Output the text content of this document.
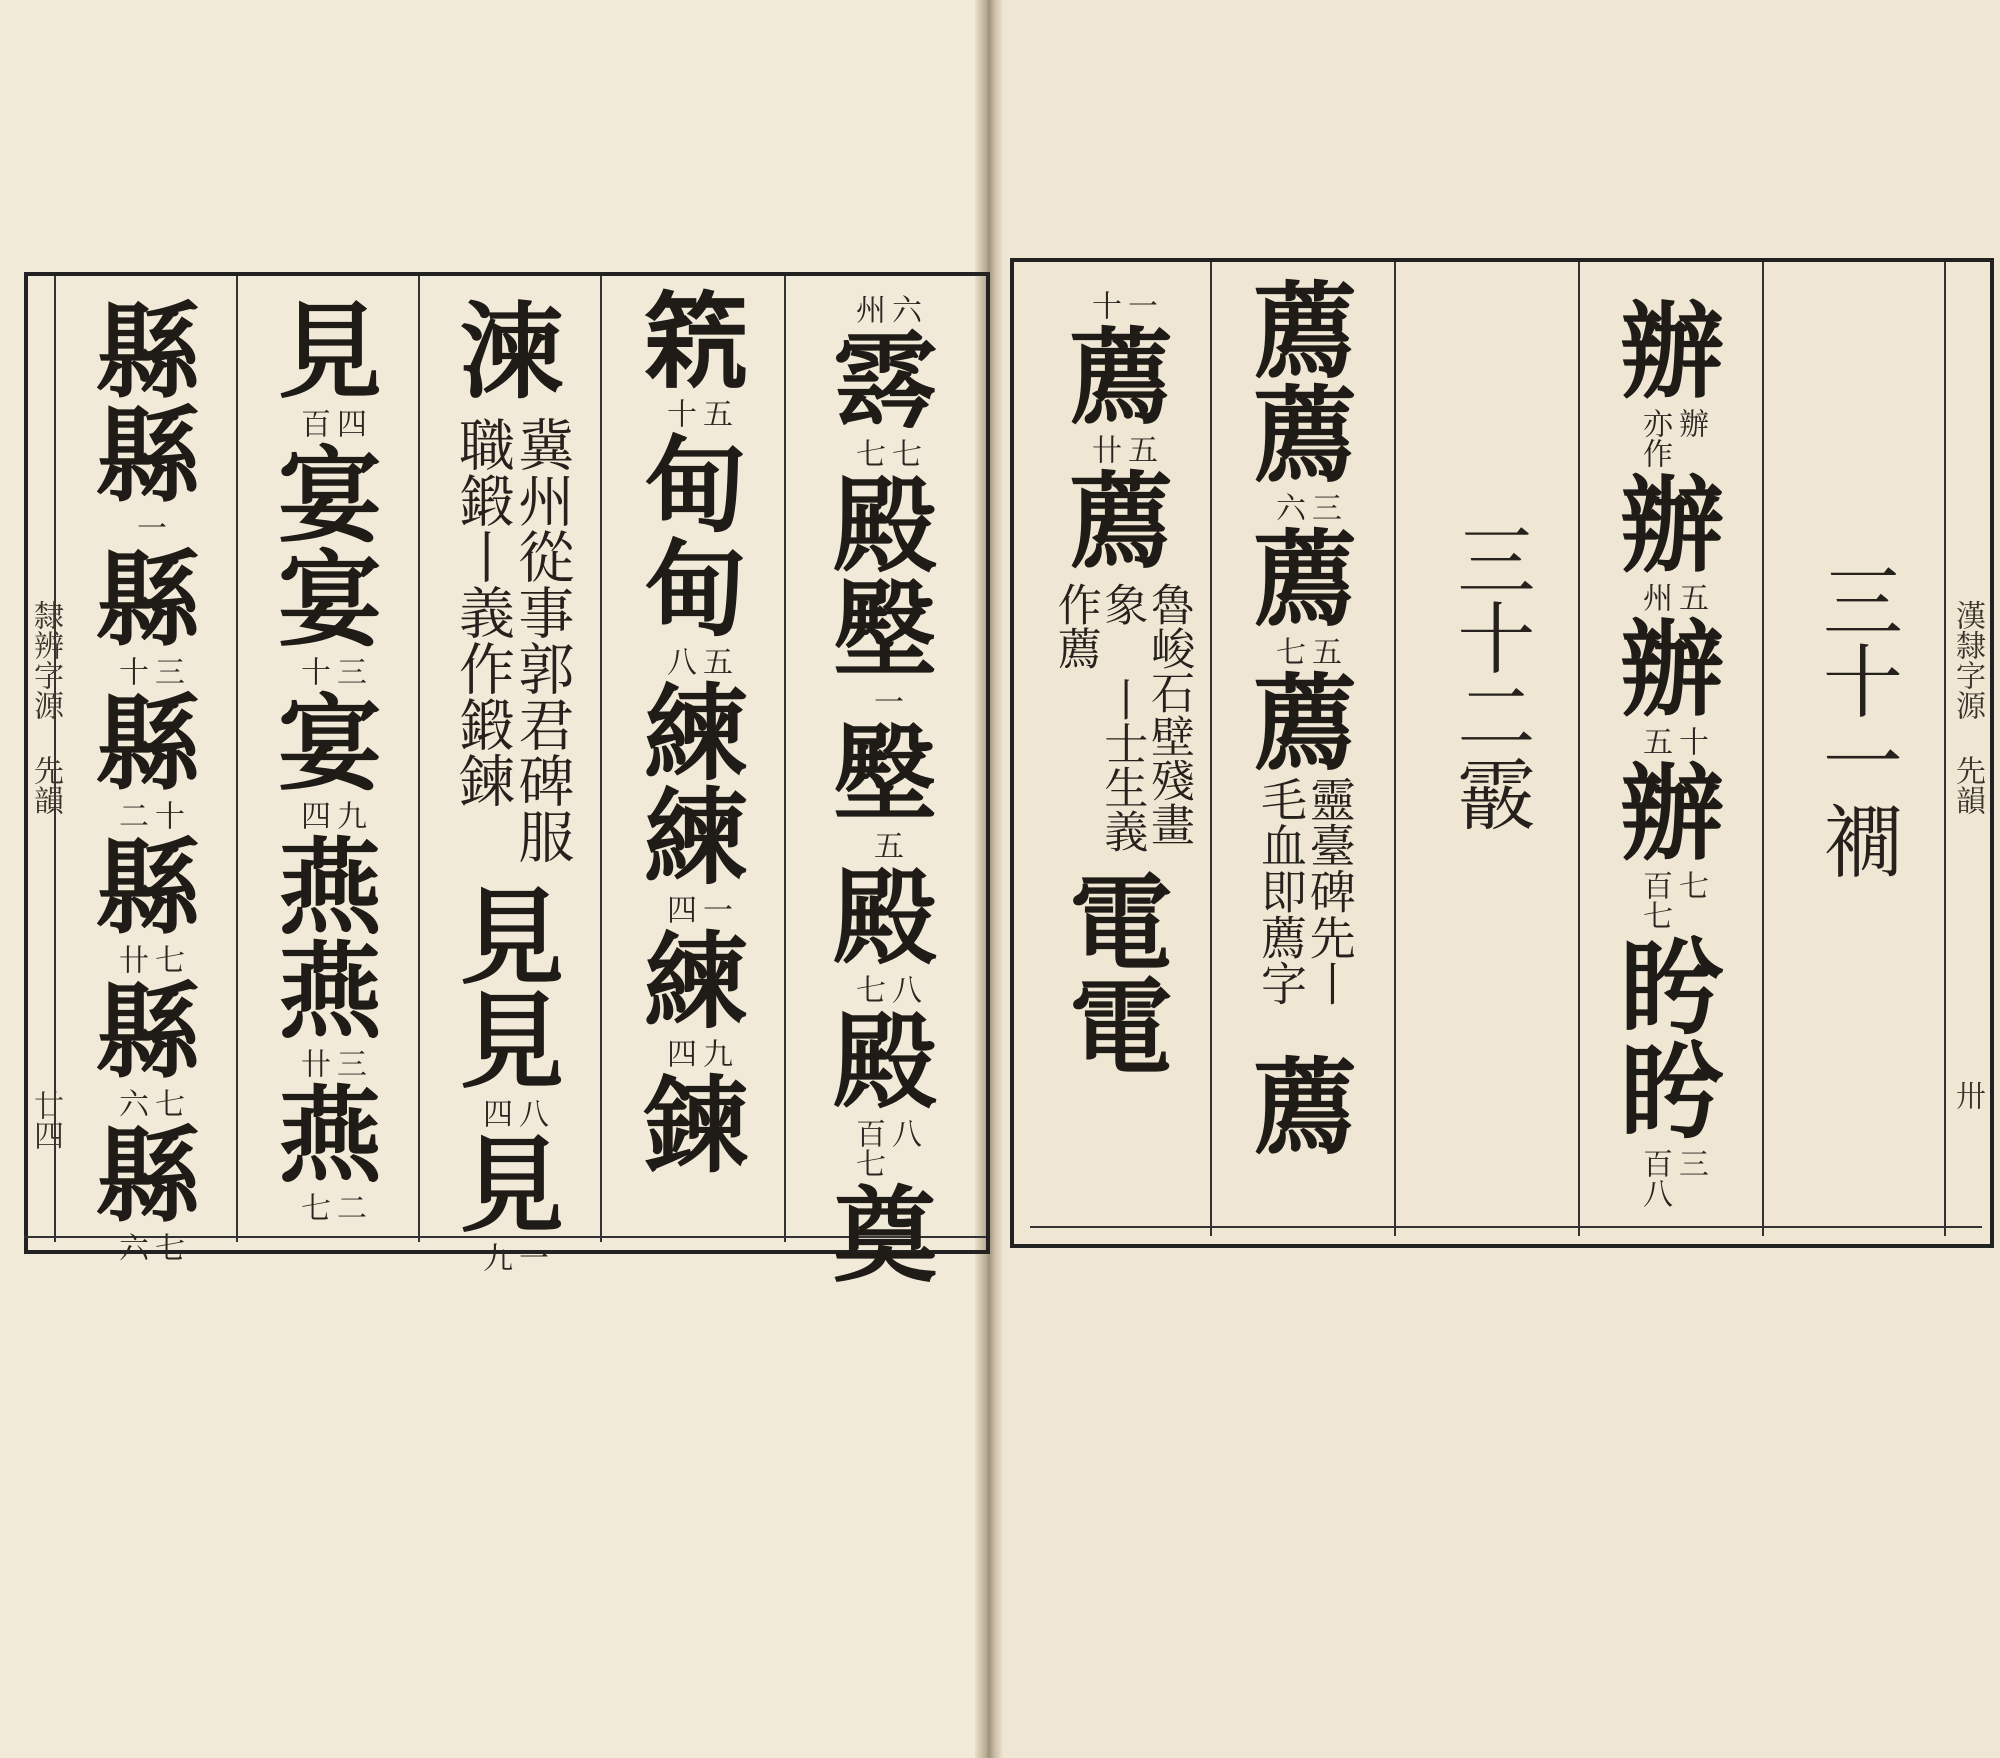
隸辨字源 先韻
廿四
州 六
𩃬
七 七
殿
壂
一
壂
五
殿
七 八
殿
百七 八
奠
𥮕
十 五
甸
甸
八 五
練
練
四 一
練
四 九
鍊
湅
冀州從事郭君碑服 職鍛丨義作鍛鍊
見
見
四 八
見
九 一
見
百 四
宴
宴
十 三
宴
四 九
燕
燕
卄 三
燕
七 二
縣
縣
一
縣
十 三
縣
二 十
縣
卄 七
縣
六 七
縣
六 七
漢隸字源 先韻
卅
三十一襉
辦
亦作 辦
辦
州 五
辦
五 十
辦
百七 七
盻
盻
百八 三
三十二霰
薦
薦
六 三
薦
七 五
薦
靈臺碑先丨 毛血即薦字
薦
十 一
薦
卄 五
薦
魯峻石壁殘畫象 丨士生義作薦
電
電
